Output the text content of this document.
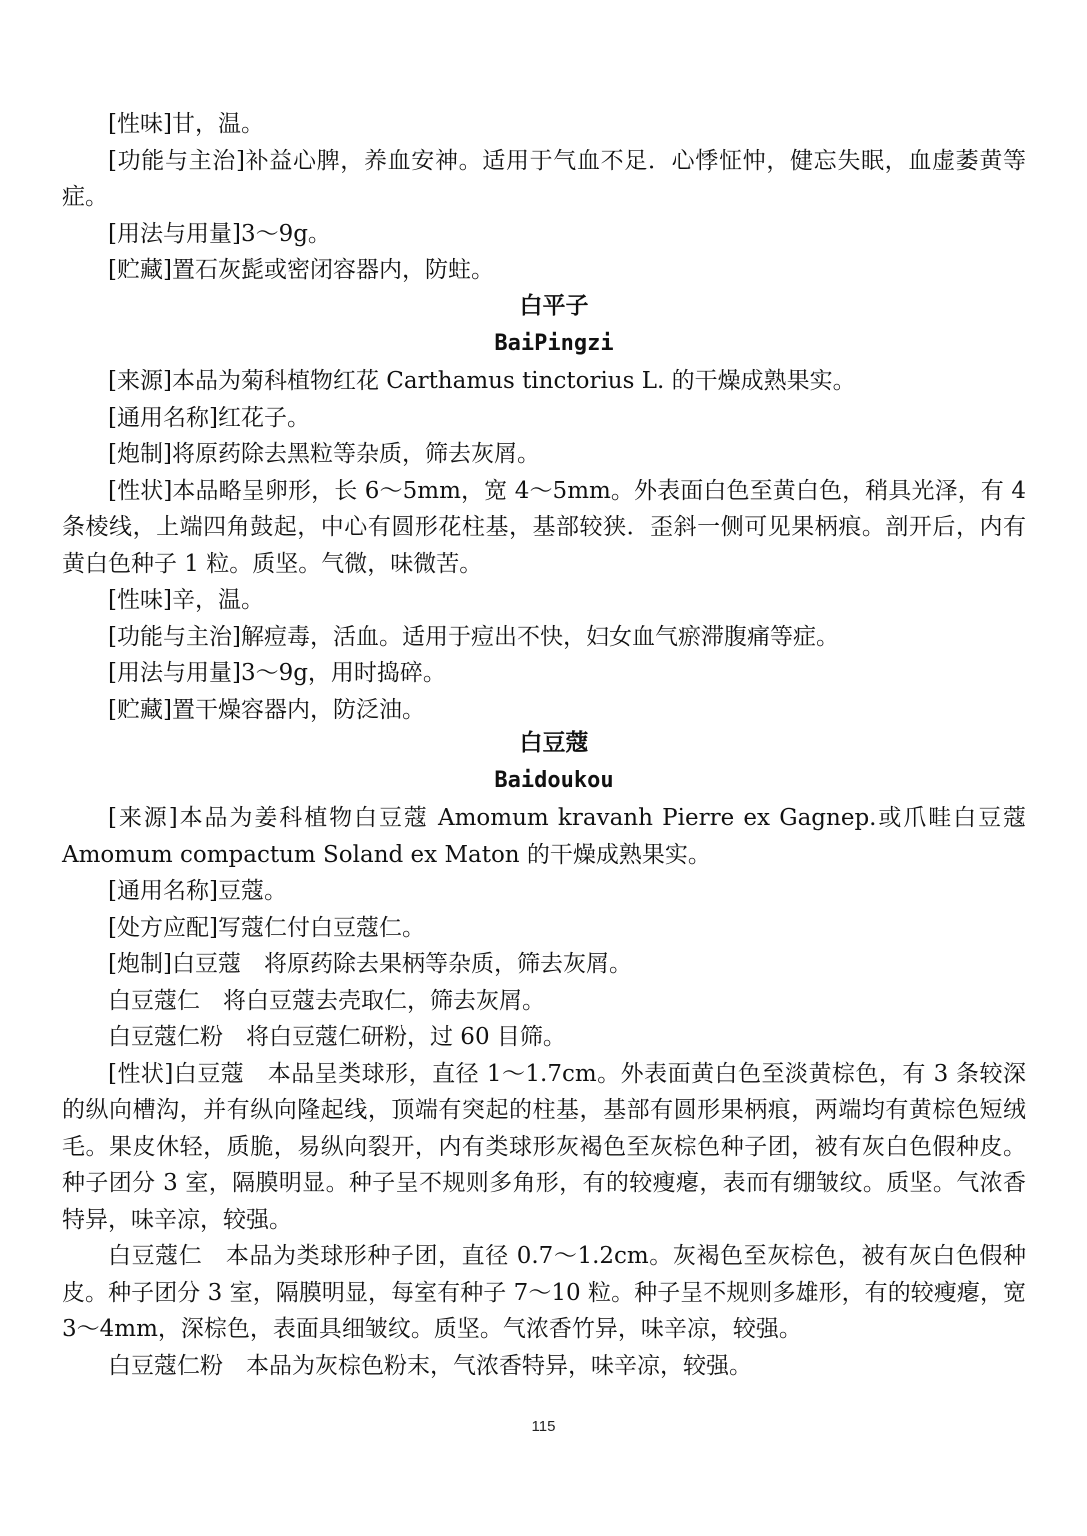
[性味]甘，温。

[功能与主治]补益心脾，养血安神。适用于气血不足．心悸怔忡，健忘失眠，血虚萎黄等症。

[用法与用量]3～9g。

[贮藏]置石灰髭或密闭容器内，防蛀。

白平子
BaiPingzi

[来源]本品为菊科植物红花 Carthamus tinctorius L. 的干燥成熟果实。

[通用名称]红花子。

[炮制]将原药除去黑粒等杂质，筛去灰屑。

[性状]本品略呈卵形，长 6～5mm，宽 4～5mm。外表面白色至黄白色，稍具光泽，有 4 条棱线，上端四角鼓起，中心有圆形花柱基，基部较狭．歪斜一侧可见果柄痕。剖开后，内有黄白色种子 1 粒。质坚。气微，味微苦。

[性味]辛，温。

[功能与主治]解痘毒，活血。适用于痘出不快，妇女血气瘀滞腹痛等症。

[用法与用量]3～9g，用时捣碎。

[贮藏]置干燥容器内，防泛油。

白豆蔻
Baidoukou

[来源]本品为姜科植物白豆蔻 Amomum kravanh Pierre ex Gagnep.或爪畦白豆蔻 Amomum compactum Soland ex Maton 的干燥成熟果实。

[通用名称]豆蔻。

[处方应配]写蔻仁付白豆蔻仁。

[炮制]白豆蔻　将原药除去果柄等杂质，筛去灰屑。

白豆蔻仁　将白豆蔻去壳取仁，筛去灰屑。

白豆蔻仁粉　将白豆蔻仁研粉，过 60 目筛。

[性状]白豆蔻　本品呈类球形，直径 1～1.7cm。外表面黄白色至淡黄棕色，有 3 条较深的纵向槽沟，并有纵向隆起线，顶端有突起的柱基，基部有圆形果柄痕，两端均有黄棕色短绒毛。果皮休轻，质脆，易纵向裂开，内有类球形灰褐色至灰棕色种子团，被有灰白色假种皮。种子团分 3 室，隔膜明显。种子呈不规则多角形，有的较瘦瘪，表而有绷皱纹。质坚。气浓香特异，味辛凉，较强。

白豆蔻仁　本品为类球形种子团，直径 0.7～1.2cm。灰褐色至灰棕色，被有灰白色假种皮。种子团分 3 室，隔膜明显，每室有种子 7～10 粒。种子呈不规则多雄形，有的较瘦瘪，宽 3～4mm，深棕色，表面具细皱纹。质坚。气浓香竹异，味辛凉，较强。

白豆蔻仁粉　本品为灰棕色粉末，气浓香特异，味辛凉，较强。

115
